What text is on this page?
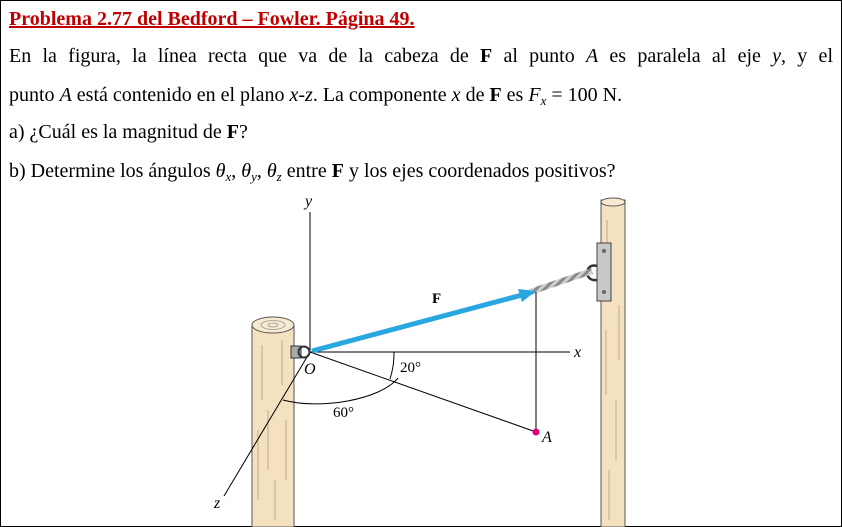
Problema 2.77 del Bedford – Fowler. Página 49.
En la figura, la línea recta que va de la cabeza de F al punto A es paralela al eje y, y el
punto A está contenido en el plano x-z. La componente x de F es $F_x = 100$ N.
a) ¿Cuál es la magnitud de F?
b) Determine los ángulos $\theta_x$, $\theta_y$, $\theta_z$ entre F y los ejes coordenados positivos?
y
x
z
O
A
F
20°
60°
